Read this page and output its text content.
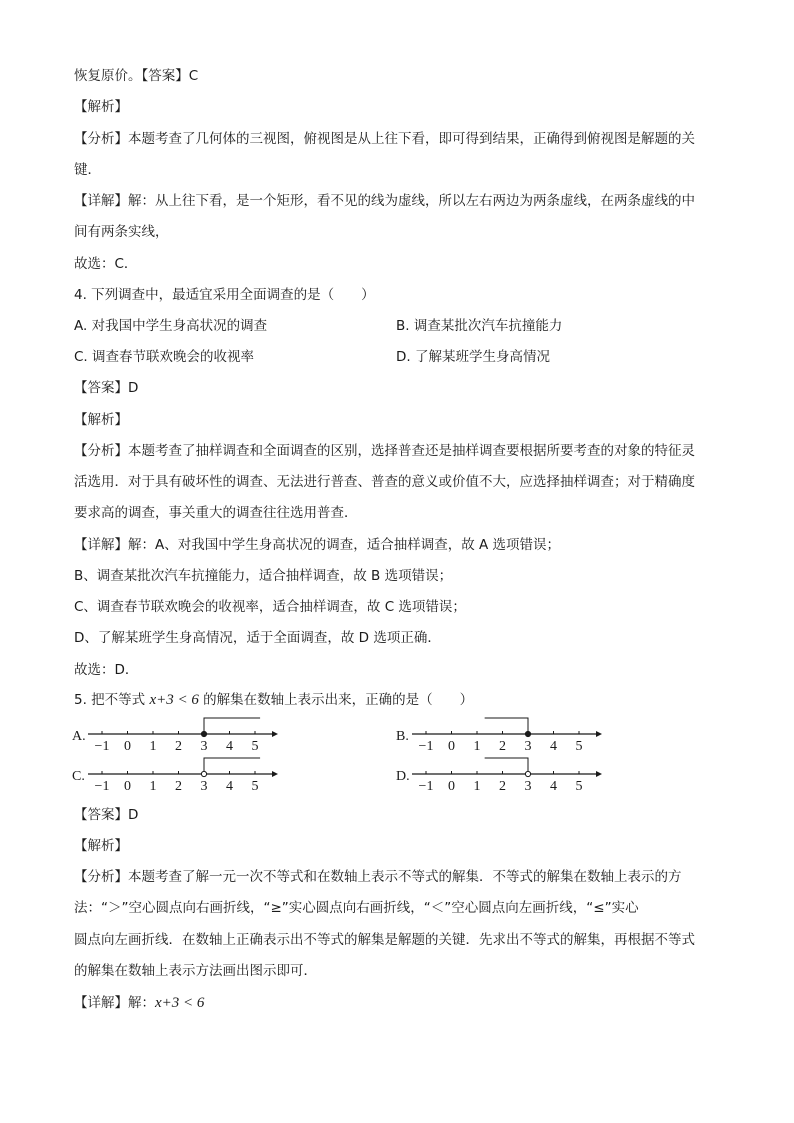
恢复原价。【答案】C
【解析】
【分析】本题考查了几何体的三视图，俯视图是从上往下看，即可得到结果，正确得到俯视图是解题的关
键．
【详解】解：从上往下看，是一个矩形，看不见的线为虚线，所以左右两边为两条虚线，在两条虚线的中
间有两条实线，
故选：C．
4. 下列调查中，最适宜采用全面调查的是（　　）
A. 对我国中学生身高状况的调查	B. 调查某批次汽车抗撞能力
C. 调查春节联欢晚会的收视率	D. 了解某班学生身高情况
【答案】D
【解析】
【分析】本题考查了抽样调查和全面调查的区别，选择普查还是抽样调查要根据所要考查的对象的特征灵
活选用．对于具有破坏性的调查、无法进行普查、普查的意义或价值不大，应选择抽样调查；对于精确度
要求高的调查，事关重大的调查往往选用普查．
【详解】解：A、对我国中学生身高状况的调查，适合抽样调查，故 A 选项错误；
B、调查某批次汽车抗撞能力，适合抽样调查，故 B 选项错误；
C、调查春节联欢晚会的收视率，适合抽样调查，故 C 选项错误；
D、了解某班学生身高情况，适于全面调查，故 D 选项正确．
故选：D．
5. 把不等式 x+3 < 6 的解集在数轴上表示出来，正确的是（　　）
A.
−1 0 1 2 3 4 5
B.
−1 0 1 2 3 4 5
C.
−1 0 1 2 3 4 5
D.
−1 0 1 2 3 4 5
【答案】D
【解析】
【分析】本题考查了解一元一次不等式和在数轴上表示不等式的解集．不等式的解集在数轴上表示的方
法：“＞”空心圆点向右画折线，“≥”实心圆点向右画折线，“＜”空心圆点向左画折线，“≤”实心
圆点向左画折线．在数轴上正确表示出不等式的解集是解题的关键．先求出不等式的解集，再根据不等式
的解集在数轴上表示方法画出图示即可．
【详解】解：x+3 < 6
